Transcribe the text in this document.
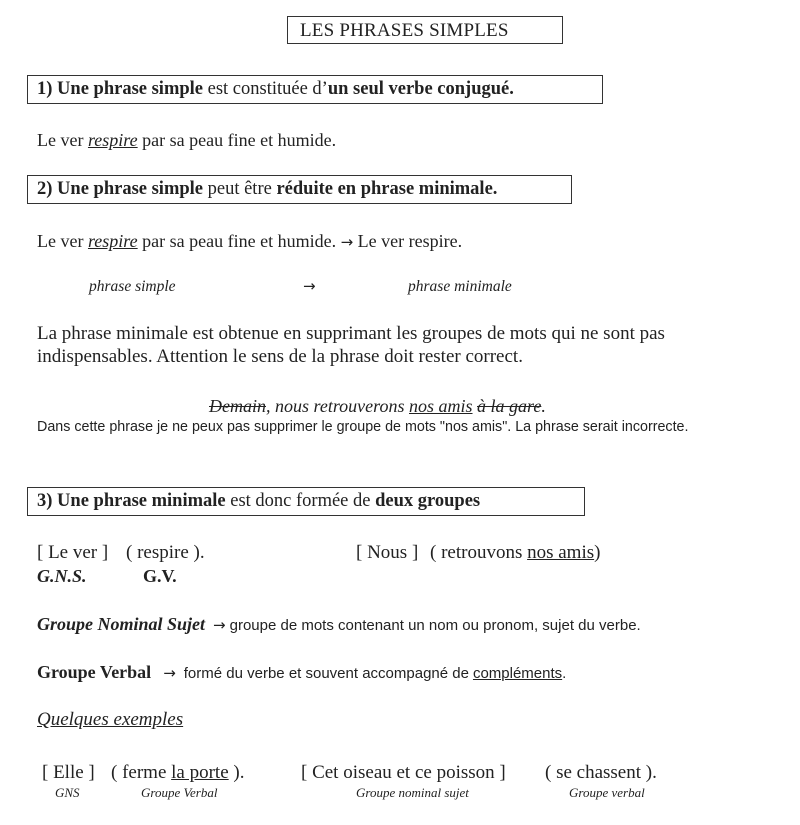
LES PHRASES SIMPLES
1) Une phrase simple est constituée d’un seul verbe conjugué.
Le ver respire par sa peau fine et humide.
2) Une phrase simple peut être réduite en phrase minimale.
Le ver respire par sa peau fine et humide. → Le ver respire.
phrase simple	→	phrase minimale
La phrase minimale est obtenue en supprimant les groupes de mots qui ne sont pas
indispensables. Attention le sens de la phrase doit rester correct.
Demain, nous retrouverons nos amis à la gare.
Dans cette phrase je ne peux pas supprimer le groupe de mots "nos amis". La phrase serait incorrecte.
3) Une phrase minimale est donc formée de deux groupes
[ Le ver ] ( respire ).	[ Nous ] ( retrouvons nos amis)
G.N.S.	G.V.
Groupe Nominal Sujet → groupe de mots contenant un nom ou pronom, sujet du verbe.
Groupe Verbal → formé du verbe et souvent accompagné de compléments.
Quelques exemples
[ Elle ] ( ferme la porte ).	[ Cet oiseau et ce poisson ] ( se chassent ).
GNS	Groupe Verbal	Groupe nominal sujet	Groupe verbal
